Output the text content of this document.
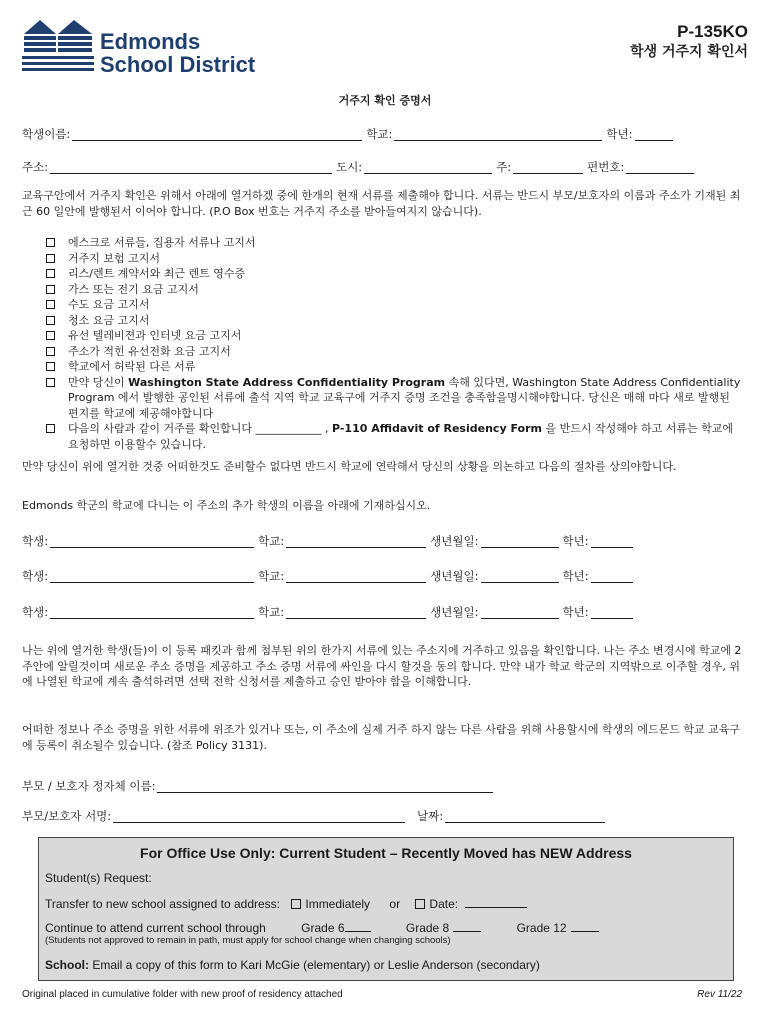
Edmonds
School District
P-135KO
학생 거주지 확인서
거주지 확인 증명서
학생이름:	학교:	학년:
주소:	도시:	주:	편번호:
교육구안에서 거주지 확인은 위해서 아래에 열거하겠 중에 한개의 현재 서류를 제출해야 합니다. 서류는 반드시 부모/보호자의 이름과 주소가 기재된 최근 60 일안에 발행된서 이어야 합니다. (P.O Box 번호는 거주지 주소를 받아들여지지 않습니다).
에스크로 서류들, 집용자 서류나 고지서
거주지 보험 고지서
리스/렌트 계약서와 최근 렌트 영수증
가스 또는 전기 요금 고지서
수도 요금 고지서
청소 요금 고지서
유선 텔레비젼과 인터넷 요금 고지서
주소가 적힌 유선전화 요금 고지서
학교에서 허락된 다른 서류
만약 당신이 Washington State Address Confidentiality Program 속해 있다면, Washington State Address Confidentiality Program 에서 발행한 공인된 서류에 출석 지역 학교 교육구에 거주지 증명 조건을 충족함을명시해야합니다. 당신은 매해 마다 새로 발행된 편지를 학교에 제공해야합니다
다음의 사람과 같이 거주를 확인합니다 ____________ , P-110 Affidavit of Residency Form 을 반드시 작성해야 하고 서류는 학교에 요청하면 이용할수 있습니다.
만약 당신이 위에 열거한 것중 어떠한것도 준비할수 없다면 반드시 학교에 연락해서 당신의 상황을 의논하고 다음의 절차를 상의야합니다.
Edmonds 학군의 학교에 다니는 이 주소의 추가 학생의 이름을 아래에 기재하십시오.
학생:	학교:	생년월일:	학년:
학생:	학교:	생년월일:	학년:
학생:	학교:	생년월일:	학년:
나는 위에 열거한 학생(들)이 이 등록 패킷과 함께 첨부된 위의 한가지 서류에 있는 주소지에 거주하고 있음을 확인합니다. 나는 주소 변경시에 학교에 2주안에 알릴것이며 새로운 주소 증명을 제공하고 주소 증명 서류에 싸인을 다시 할것을 동의 합니다. 만약 내가 학교 학군의 지역밖으로 이주할 경우, 위에 나열된 학교에 계속 출석하려면 선택 전학 신청서를 제출하고 승인 받아야 함을 이해합니다.
어떠한 정보나 주소 증명을 위한 서류에 위조가 있거나 또는, 이 주소에 실제 거주 하지 않는 다른 사람을 위해 사용할시에 학생의 에드몬드 학교 교육구에 등록이 취소될수 있습니다. (참조 Policy 3131).
부모 / 보호자 정자체 이름:
부모/보호자 서명:	날짜:
For Office Use Only: Current Student – Recently Moved has NEW Address
Student(s) Request:
Transfer to new school assigned to address: Immediately or Date:
Continue to attend current school through	Grade 6	Grade 8	Grade 12
(Students not approved to remain in path, must apply for school change when changing schools)
School: Email a copy of this form to Kari McGie (elementary) or Leslie Anderson (secondary)
Original placed in cumulative folder with new proof of residency attached	Rev 11/22
